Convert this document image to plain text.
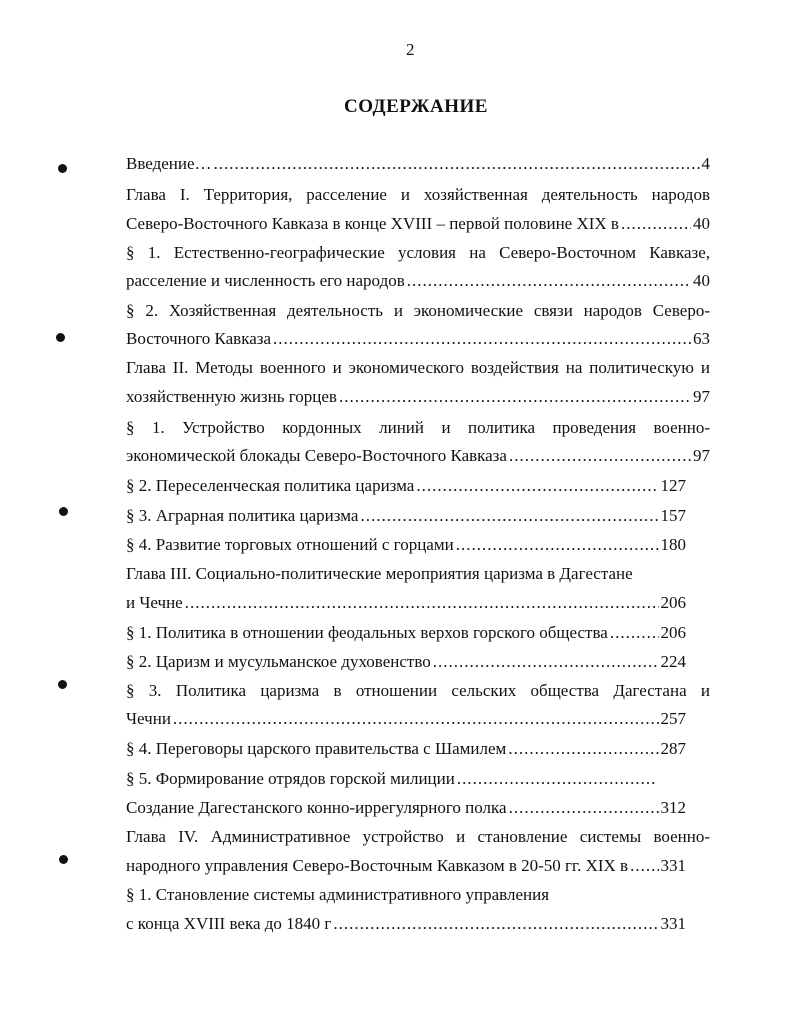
2
СОДЕРЖАНИЕ
Введение… .....	4
Глава I. Территория, расселение и хозяйственная деятельность народов
Северо-Восточного Кавказа в конце XVIII – первой половине XIX в .....	40
§ 1. Естественно-географические условия на Северо-Восточном Кавказе,
расселение и численность его народов .....	40
§ 2. Хозяйственная деятельность и экономические связи народов Северо-
Восточного Кавказа .....	63
Глава II. Методы военного и экономического воздействия на политическую и
хозяйственную жизнь горцев .....	97
§ 1. Устройство кордонных линий и политика проведения военно-
экономической блокады Северо-Восточного Кавказа .....	97
§ 2. Переселенческая политика царизма .....	127
§ 3. Аграрная политика царизма .....	157
§ 4. Развитие торговых отношений с горцами .....	180
Глава III. Социально-политические мероприятия царизма в Дагестане
и Чечне .....	206
§ 1. Политика в отношении феодальных верхов горского общества .....	206
§ 2. Царизм и мусульманское духовенство .....	224
§ 3. Политика царизма в отношении сельских общества Дагестана и
Чечни .....	257
§ 4. Переговоры царского правительства с Шамилем .....	287
§ 5. Формирование отрядов горской милиции
.....
Создание Дагестанского конно-иррегулярного полка .....	312
Глава IV. Административное устройство и становление системы военно-
народного управления Северо-Восточным Кавказом в 20-50 гг. XIX в ..... 331
§ 1. Становление системы административного управления
с конца XVIII века до 1840 г .....	331
